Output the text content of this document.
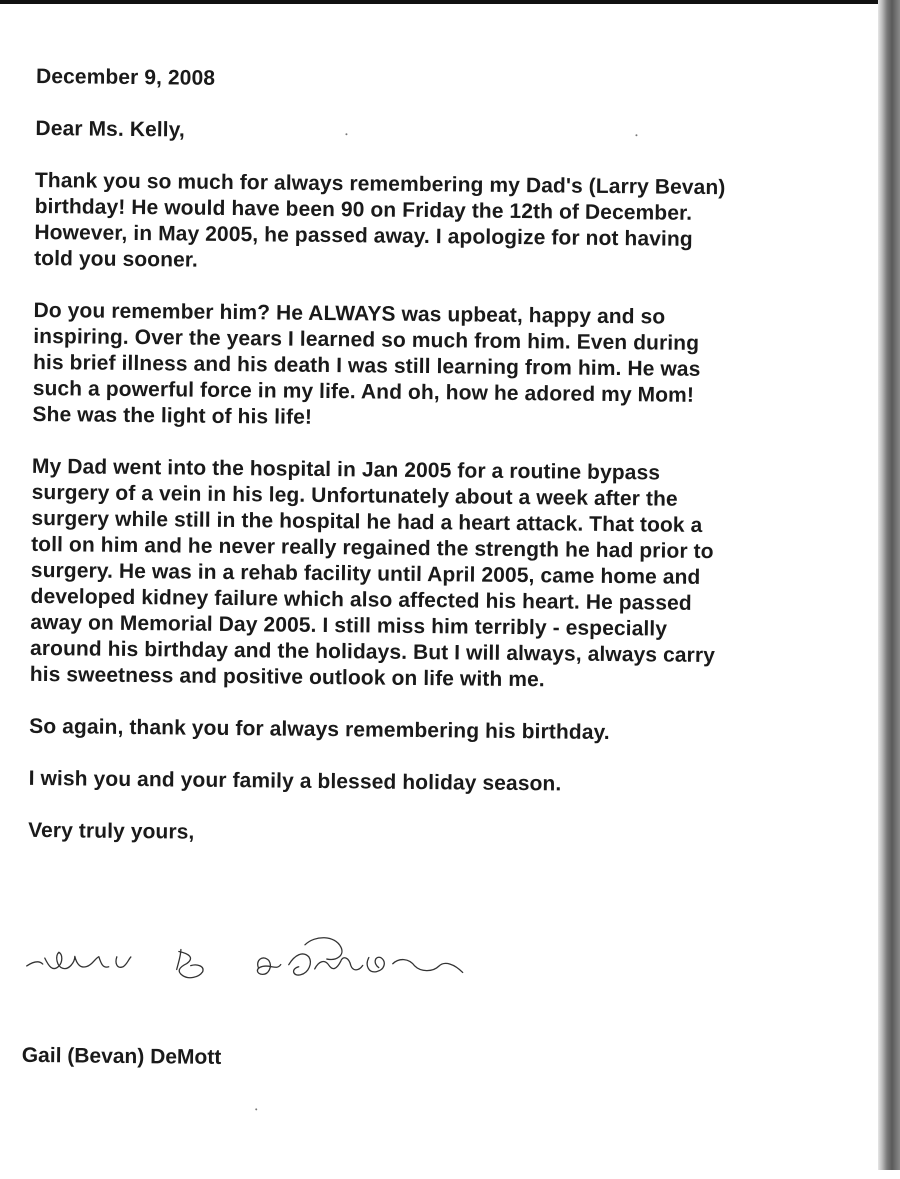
December 9, 2008

Dear Ms. Kelly,

Thank you so much for always remembering my Dad's (Larry Bevan)
birthday! He would have been 90 on Friday the 12th of December.
However, in May 2005, he passed away. I apologize for not having
told you sooner.

Do you remember him? He ALWAYS was upbeat, happy and so
inspiring. Over the years I learned so much from him. Even during
his brief illness and his death I was still learning from him. He was
such a powerful force in my life. And oh, how he adored my Mom!
She was the light of his life!

My Dad went into the hospital in Jan 2005 for a routine bypass
surgery of a vein in his leg. Unfortunately about a week after the
surgery while still in the hospital he had a heart attack. That took a
toll on him and he never really regained the strength he had prior to
surgery. He was in a rehab facility until April 2005, came home and
developed kidney failure which also affected his heart. He passed
away on Memorial Day 2005. I still miss him terribly - especially
around his birthday and the holidays. But I will always, always carry
his sweetness and positive outlook on life with me.

So again, thank you for always remembering his birthday.

I wish you and your family a blessed holiday season.

Very truly yours,

Gail (Bevan) DeMott
